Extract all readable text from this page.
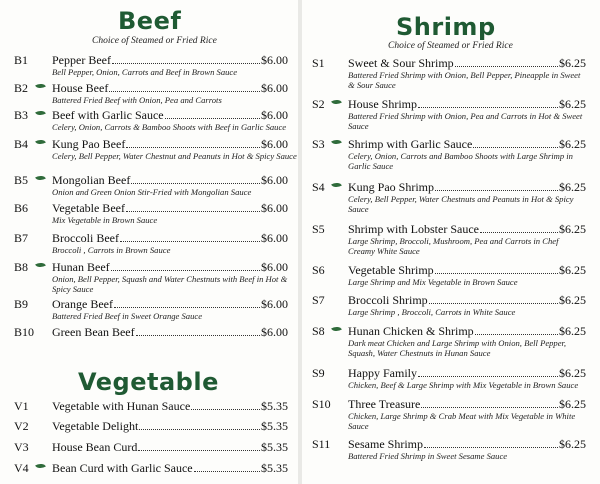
Beef
Choice of Steamed or Fried Rice
B1 Pepper Beef	$6.00
Bell Pepper, Onion, Carrots and Beef in Brown Sauce
B2 House Beef	$6.00
Battered Fried Beef with Onion, Pea and Carrots
B3 Beef with Garlic Sauce	$6.00
Celery, Onion, Carrots & Bamboo Shoots with Beef in Garlic Sauce
B4 Kung Pao Beef	$6.00
Celery, Bell Pepper, Water Chestnut and Peanuts in Hot & Spicy Sauce
B5 Mongolian Beef	$6.00
Onion and Green Onion Stir-Fried with Mongolian Sauce
B6 Vegetable Beef	$6.00
Mix Vegetable in Brown Sauce
B7 Broccoli Beef	$6.00
Broccoli , Carrots in Brown Sauce
B8 Hunan Beef	$6.00
Onion, Bell Pepper, Squash and Water Chestnuts with Beef in Hot & Spicy Sauce
B9 Orange Beef	$6.00
Battered Fried Beef in Sweet Orange Sauce
B10 Green Bean Beef	$6.00
Vegetable
V1 Vegetable with Hunan Sauce	$5.35
V2 Vegetable Delight	$5.35
V3 House Bean Curd	$5.35
V4 Bean Curd with Garlic Sauce	$5.35
Shrimp
Choice of Steamed or Fried Rice
S1 Sweet & Sour Shrimp	$6.25
Battered Fried Shrimp with Onion, Bell Pepper, Pineapple in Sweet & Sour Sauce
S2 House Shrimp	$6.25
Battered Fried Shrimp with Onion, Pea and Carrots in Hot & Sweet Sauce
S3 Shrimp with Garlic Sauce	$6.25
Celery, Onion, Carrots and Bamboo Shoots with Large Shrimp in Garlic Sauce
S4 Kung Pao Shrimp	$6.25
Celery, Bell Pepper, Water Chestnuts and Peanuts in Hot & Spicy Sauce
S5 Shrimp with Lobster Sauce	$6.25
Large Shrimp, Broccoli, Mushroom, Pea and Carrots in Chef Creamy White Sauce
S6 Vegetable Shrimp	$6.25
Large Shrimp and Mix Vegetable in Brown Sauce
S7 Broccoli Shrimp	$6.25
Large Shrimp , Broccoli, Carrots in White Sauce
S8 Hunan Chicken & Shrimp	$6.25
Dark meat Chicken and Large Shrimp with Onion, Bell Pepper, Squash, Water Chestnuts in Hunan Sauce
S9 Happy Family	$6.25
Chicken, Beef & Large Shrimp with Mix Vegetable in Brown Sauce
S10 Three Treasure	$6.25
Chicken, Large Shrimp & Crab Meat with Mix Vegetable in White Sauce
S11 Sesame Shrimp	$6.25
Battered Fried Shrimp in Sweet Sesame Sauce
